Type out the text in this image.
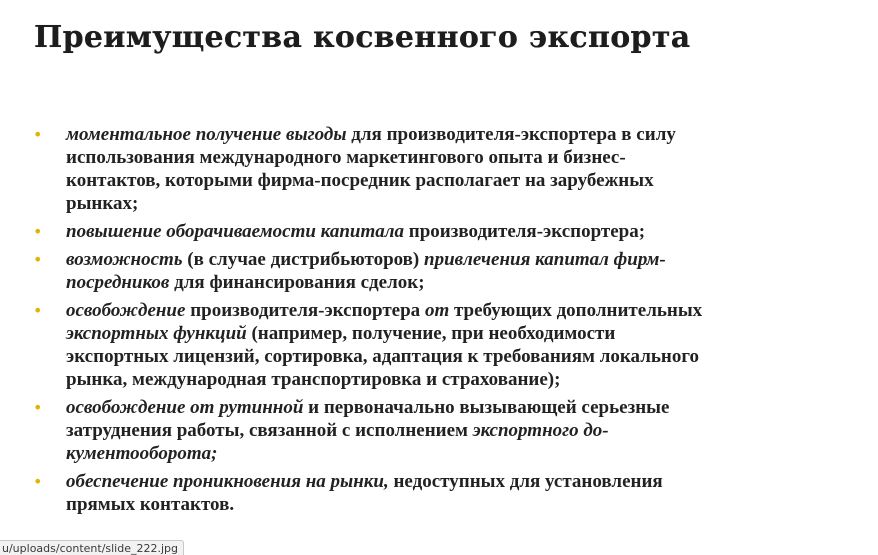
Преимущества косвенного экспорта
• моментальное получение выгоды для производителя-экспортера в силу
использования международного маркетингового опыта и бизнес-
контактов, которыми фирма-посредник располагает на зарубежных
рынках;
• повышение оборачиваемости капитала производителя-экспортера;
• возможность (в случае дистрибьюторов) привлечения капитал фирм-
посредников для финансирования сделок;
• освобождение производителя-экспортера от требующих дополнительных
экспортных функций (например, получение, при необходимости
экспортных лицензий, сортировка, адаптация к требованиям локального
рынка, международная транспортировка и страхование);
• освобождение от рутинной и первоначально вызывающей серьезные
затруднения работы, связанной с исполнением экспортного до-
кументооборота;
• обеспечение проникновения на рынки, недоступных для установления
прямых контактов.
u/uploads/content/slide_222.jpg
